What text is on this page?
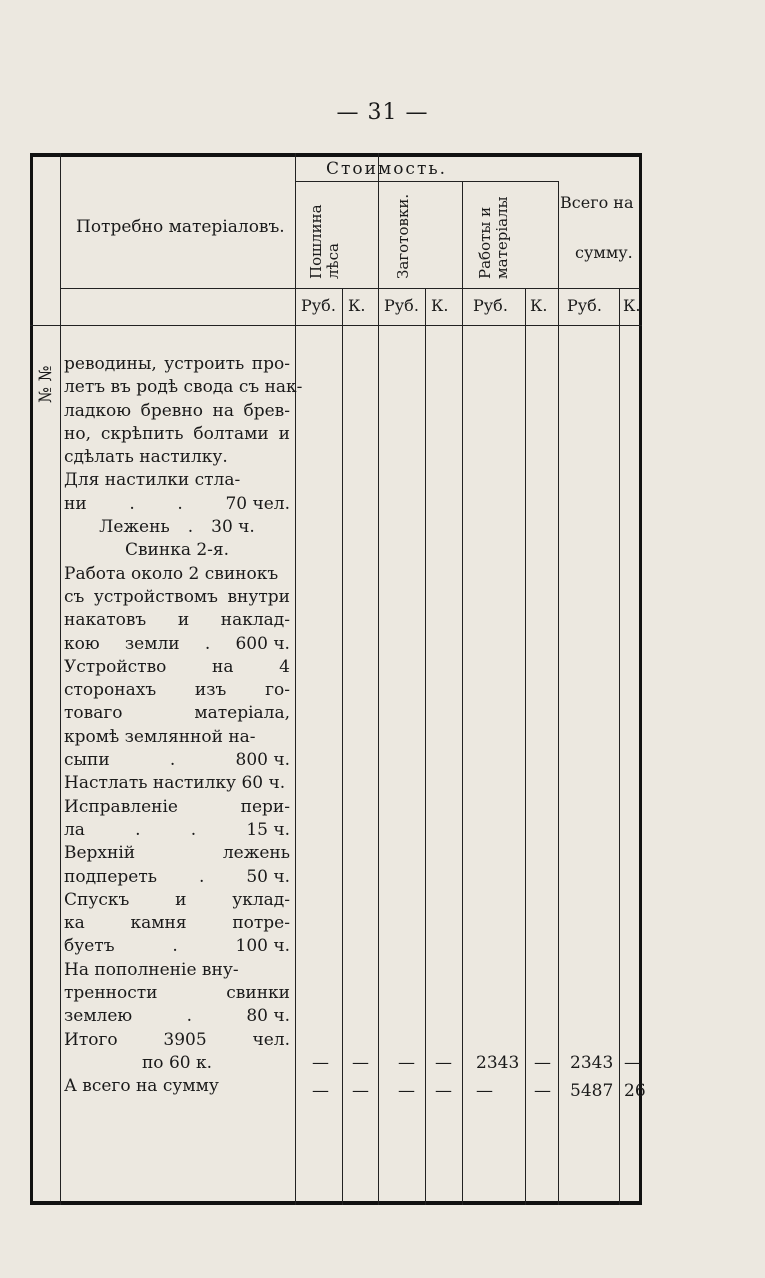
— 31 —
№ №
Потребно матеріаловъ.
Стоимость.
Пошлина лѣса	Заготовки.	Работы и матеріалы	Всего на
сумму.
Руб. К. Руб. К. Руб. К. Руб. К.
реводины, устроить про-
летъ въ родѣ свода съ нак-
ладкою бревно на брев-
но, скрѣпить болтами и
сдѣлать настилку.
Для настилки стла-
ни	.	.	70 чел.
Лежень . 30 ч.
Свинка 2-я.
Работа около 2 свинокъ
съ устройствомъ внутри
накатовъ и наклад-
кою земли . 600 ч.
Устройство	на	4
сторонахъ изъ го-
товаго	матеріала,
кромѣ землянной на-
сыпи	.	800 ч.
Настлать настилку 60 ч.
Исправленіе	пери-
ла	.	.	15 ч.
Верхній	лежень
подпереть . 50 ч.
Спускъ	и	уклад-
ка	камня	потре-
буетъ	.	100 ч.
На пополненіе вну-
тренности	свинки
землею	.	80 ч.
Итого	3905	чел.
по 60 к.
А всего на сумму
— — — — 2343 — 2343 —
— — — — — — 5487 26
